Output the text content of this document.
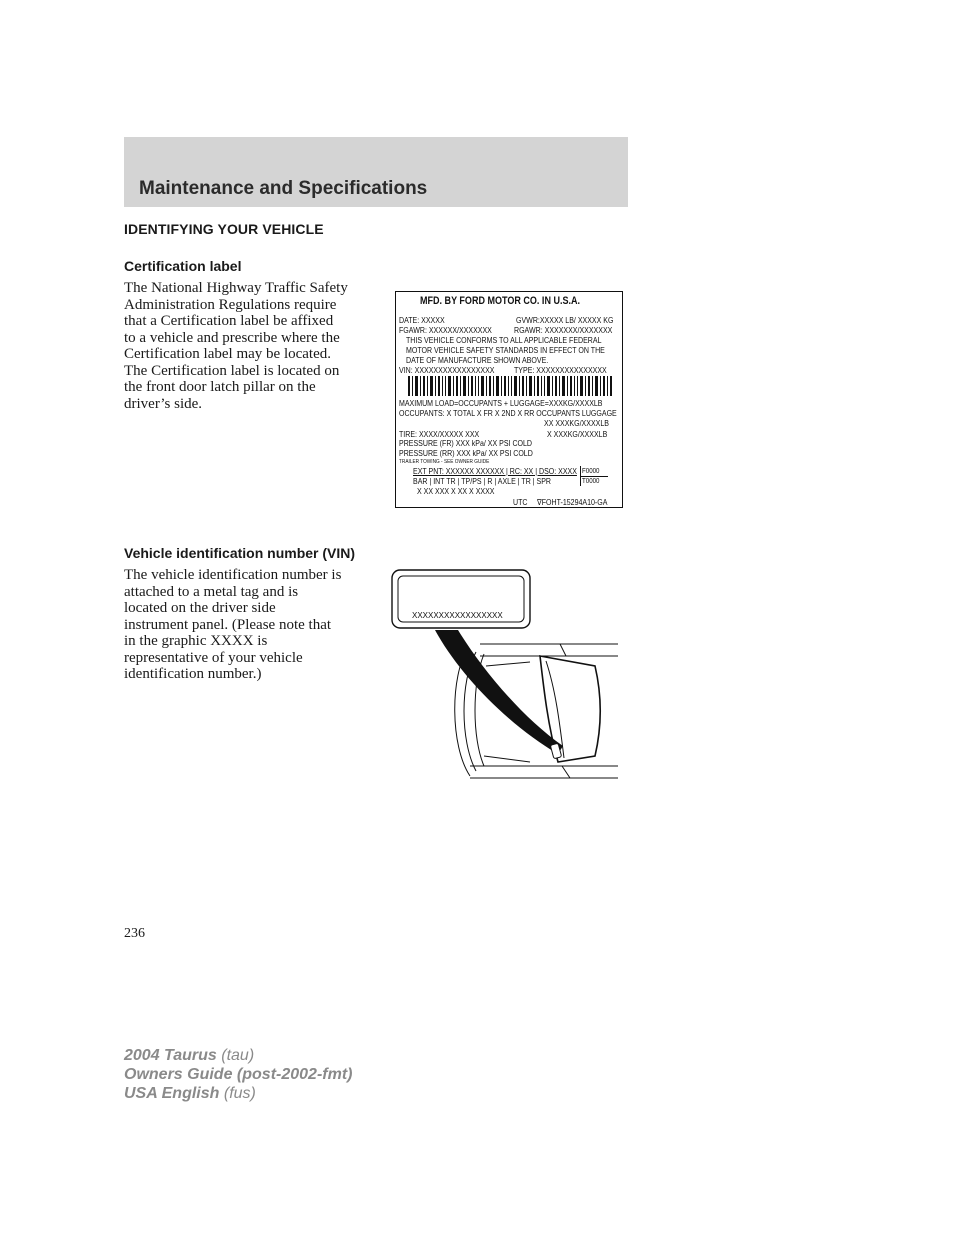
Maintenance and Specifications
IDENTIFYING YOUR VEHICLE
Certification label

The National Highway Traffic Safety

Administration Regulations require

that a Certification label be affixed

to a vehicle and prescribe where the

Certification label may be located.

The Certification label is located on

the front door latch pillar on the

driver’s side.

MFD. BY FORD MOTOR CO. IN U.S.A.
DATE: XXXXX	GVWR:XXXXX LB/ XXXXX KG
FGAWR: XXXXXX/XXXXXXX	RGAWR: XXXXXXX/XXXXXXX
THIS VEHICLE CONFORMS TO ALL APPLICABLE FEDERAL
MOTOR VEHICLE SAFETY STANDARDS IN EFFECT ON THE
DATE OF MANUFACTURE SHOWN ABOVE.
VIN: XXXXXXXXXXXXXXXXX TYPE: XXXXXXXXXXXXXXX
MAXIMUM LOAD=OCCUPANTS + LUGGAGE=XXXKG/XXXXLB
OCCUPANTS: X TOTAL X FR X 2ND X RR OCCUPANTS LUGGAGE
XX XXXKG/XXXXLB
TIRE: XXXX/XXXXX XXX	X XXXKG/XXXXLB
PRESSURE (FR) XXX kPa/ XX PSI COLD
PRESSURE (RR) XXX kPa/ XX PSI COLD
TRAILER TOWING - SEE OWNER GUIDE
EXT PNT: XXXXXX XXXXXX | RC: XX | DSO: XXXX F0000
BAR | INT TR | TP/PS | R | AXLE | TR | SPR	T0000
X XX XXX X XX X XXXX
UTC ∇FOHT-15294A10-GA
Vehicle identification number (VIN)

The vehicle identification number is

attached to a metal tag and is

located on the driver side

instrument panel. (Please note that

in the graphic XXXX is

representative of your vehicle

identification number.)

XXXXXXXXXXXXXXXXX
236
2004 Taurus (tau)
Owners Guide (post-2002-fmt)
USA English (fus)
